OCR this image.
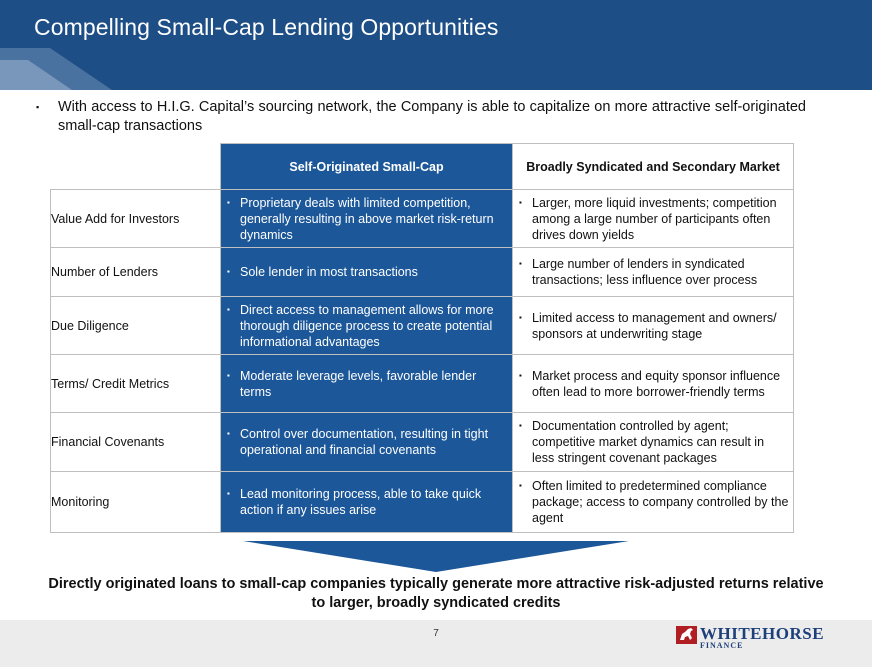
Compelling Small-Cap Lending Opportunities
▪ With access to H.I.G. Capital’s sourcing network, the Company is able to capitalize on more attractive self-originated small-cap transactions
	Self-Originated Small-Cap	Broadly Syndicated and Secondary Market
Value Add for Investors	▪ Proprietary deals with limited competition, generally resulting in above market risk-return dynamics	▪ Larger, more liquid investments; competition among a large number of participants often drives down yields

Number of Lenders	▪ Sole lender in most transactions	▪ Large number of lenders in syndicated transactions; less influence over process

Due Diligence	▪ Direct access to management allows for more thorough diligence process to create potential informational advantages	▪ Limited access to management and owners/ sponsors at underwriting stage

Terms/ Credit Metrics	▪ Moderate leverage levels, favorable lender terms	▪ Market process and equity sponsor influence often lead to more borrower-friendly terms

Financial Covenants	▪ Control over documentation, resulting in tight operational and financial covenants	▪ Documentation controlled by agent; competitive market dynamics can result in less stringent covenant packages

Monitoring	▪ Lead monitoring process, able to take quick action if any issues arise	▪ Often limited to predetermined compliance package; access to company controlled by the agent
Directly originated loans to small-cap companies typically generate more attractive risk-adjusted returns relative to larger, broadly syndicated credits
7	WHITEHORSE
FINANCE
